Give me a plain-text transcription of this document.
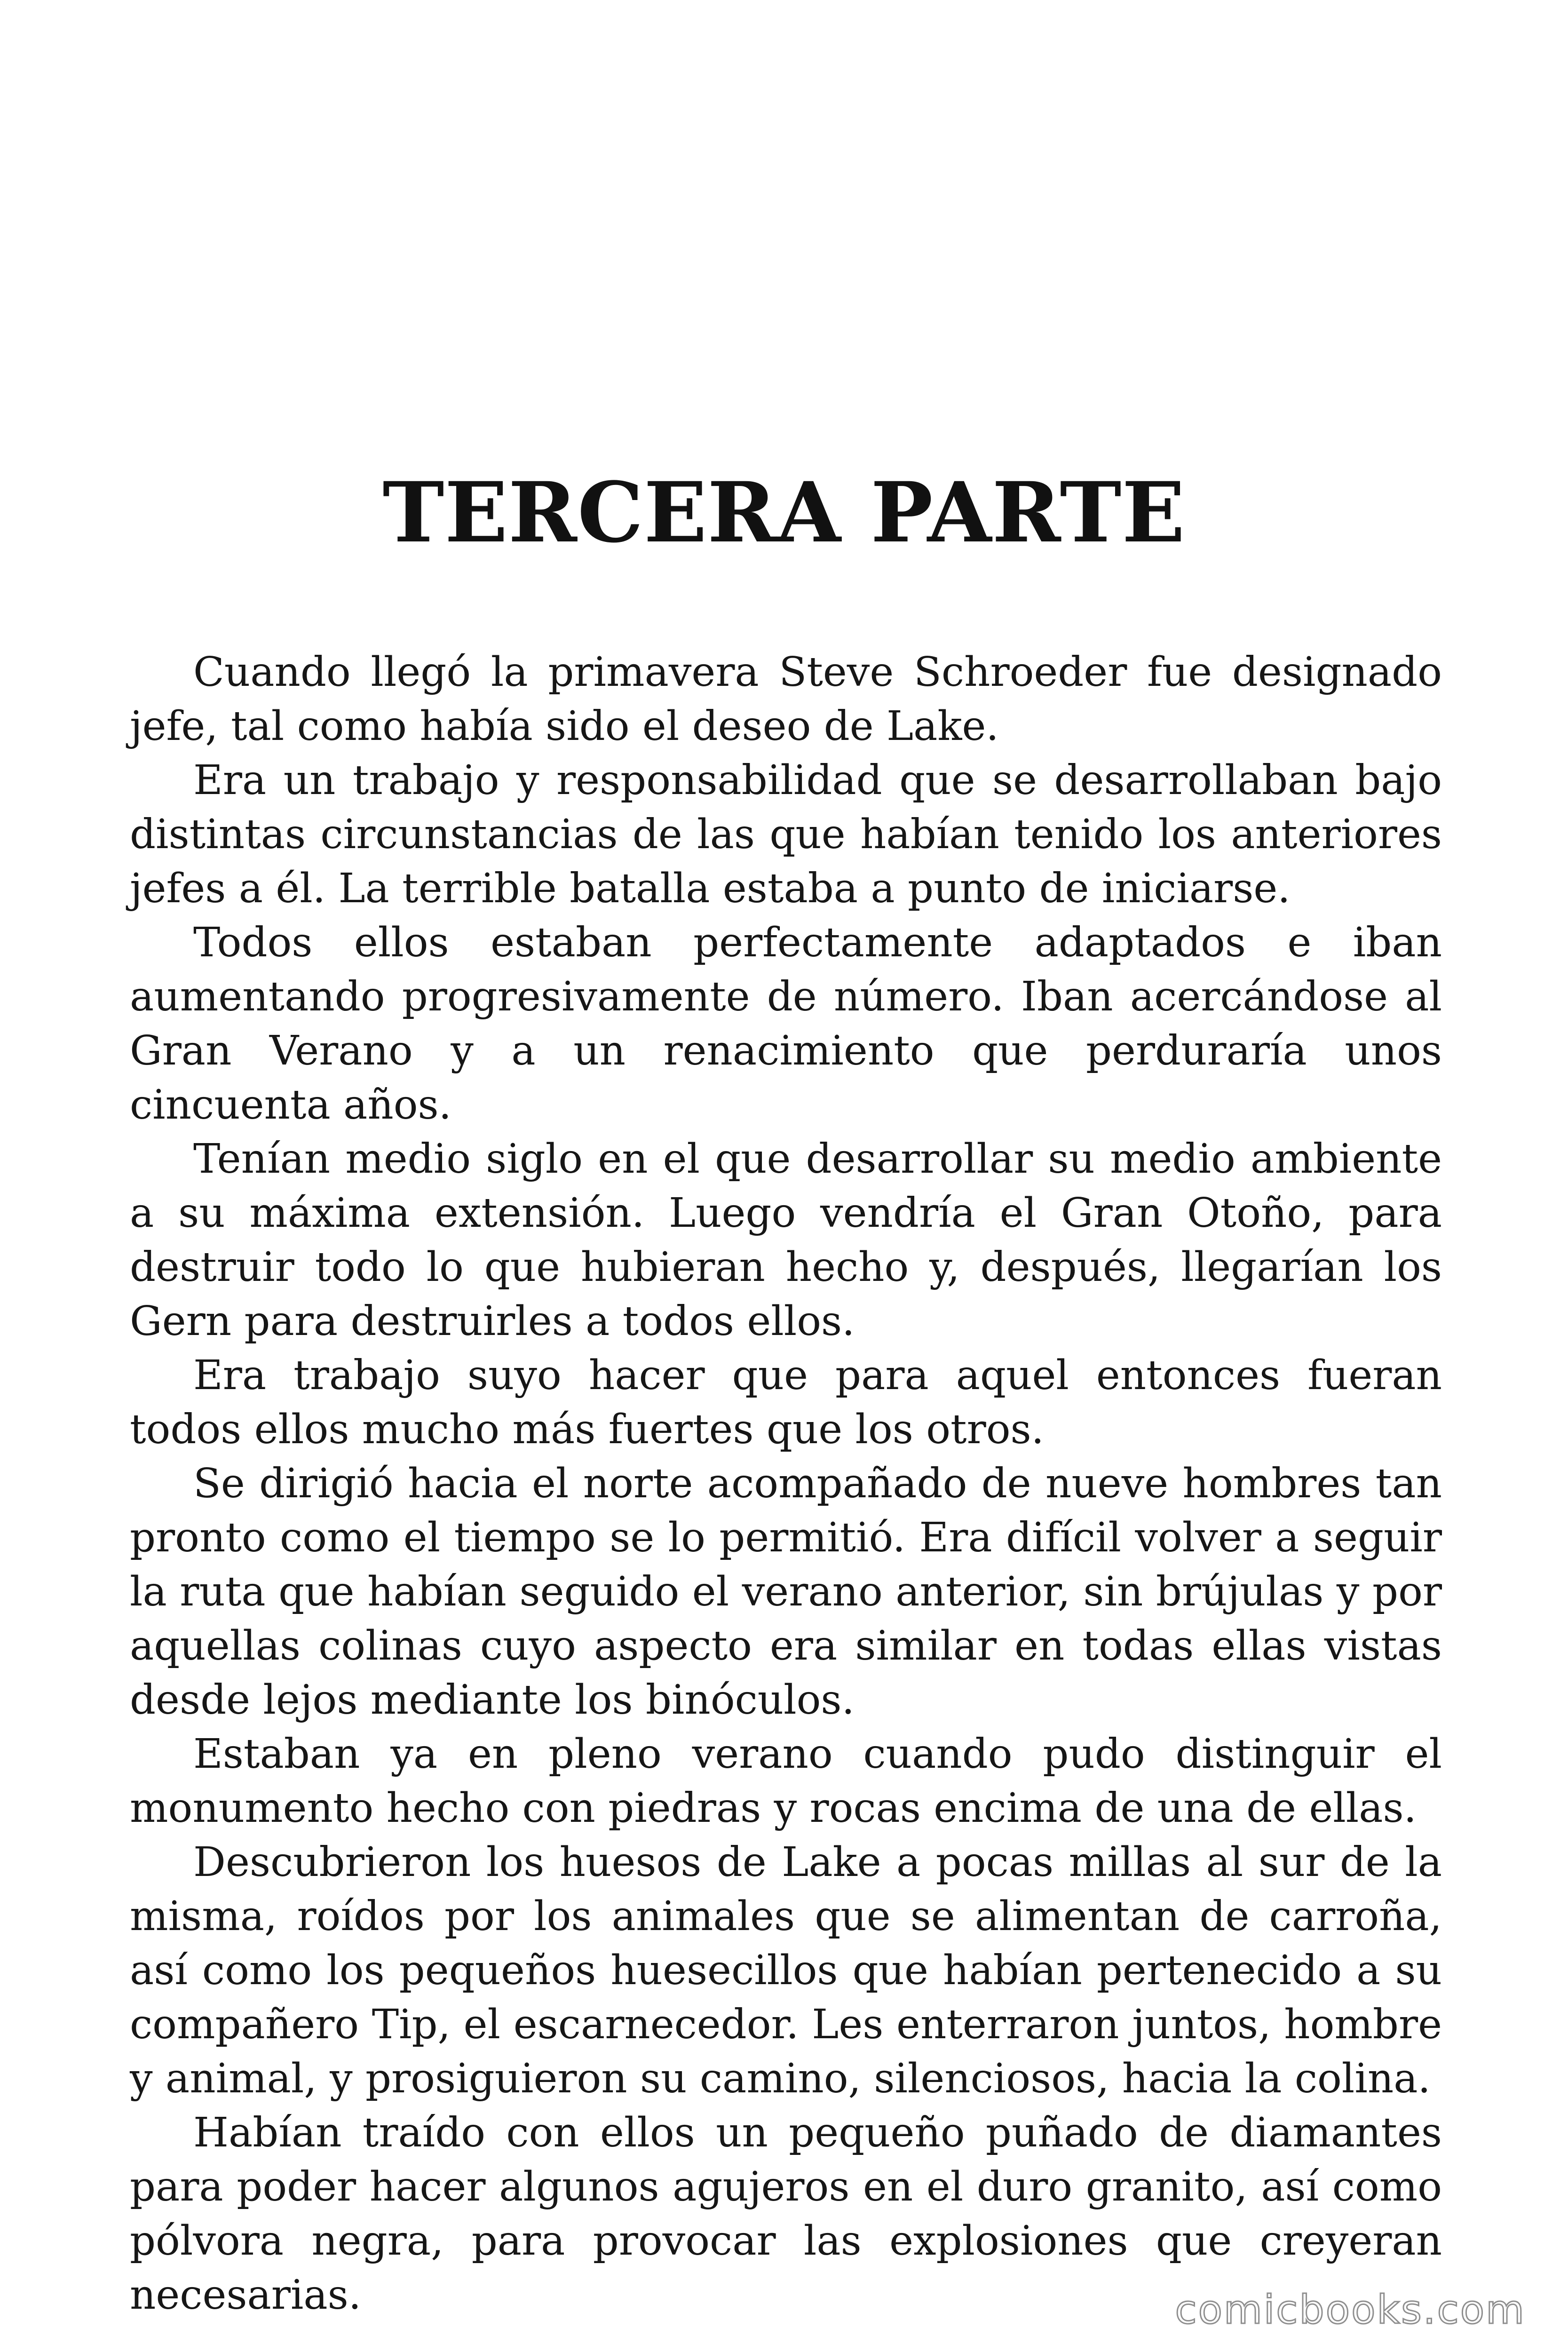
TERCERA PARTE

Cuando llegó la primavera Steve Schroeder fue designado jefe, tal como había sido el deseo de Lake.

Era un trabajo y responsabilidad que se desarrollaban bajo distintas circunstancias de las que habían tenido los anteriores jefes a él. La terrible batalla estaba a punto de iniciarse.

Todos ellos estaban perfectamente adaptados e iban aumentando progresivamente de número. Iban acercándose al Gran Verano y a un renacimiento que perduraría unos cincuenta años.

Tenían medio siglo en el que desarrollar su medio ambiente a su máxima extensión. Luego vendría el Gran Otoño, para destruir todo lo que hubieran hecho y, después, llegarían los Gern para destruirles a todos ellos.

Era trabajo suyo hacer que para aquel entonces fueran todos ellos mucho más fuertes que los otros.

Se dirigió hacia el norte acompañado de nueve hombres tan pronto como el tiempo se lo permitió. Era difícil volver a seguir la ruta que habían seguido el verano anterior, sin brújulas y por aquellas colinas cuyo aspecto era similar en todas ellas vistas desde lejos mediante los binóculos.

Estaban ya en pleno verano cuando pudo distinguir el monumento hecho con piedras y rocas encima de una de ellas.

Descubrieron los huesos de Lake a pocas millas al sur de la misma, roídos por los animales que se alimentan de carroña, así como los pequeños huesecillos que habían pertenecido a su compañero Tip, el escarnecedor. Les enterraron juntos, hombre y animal, y prosiguieron su camino, silenciosos, hacia la colina.

Habían traído con ellos un pequeño puñado de diamantes para poder hacer algunos agujeros en el duro granito, así como pólvora negra, para provocar las explosiones que creyeran necesarias.	comicbooks.com
